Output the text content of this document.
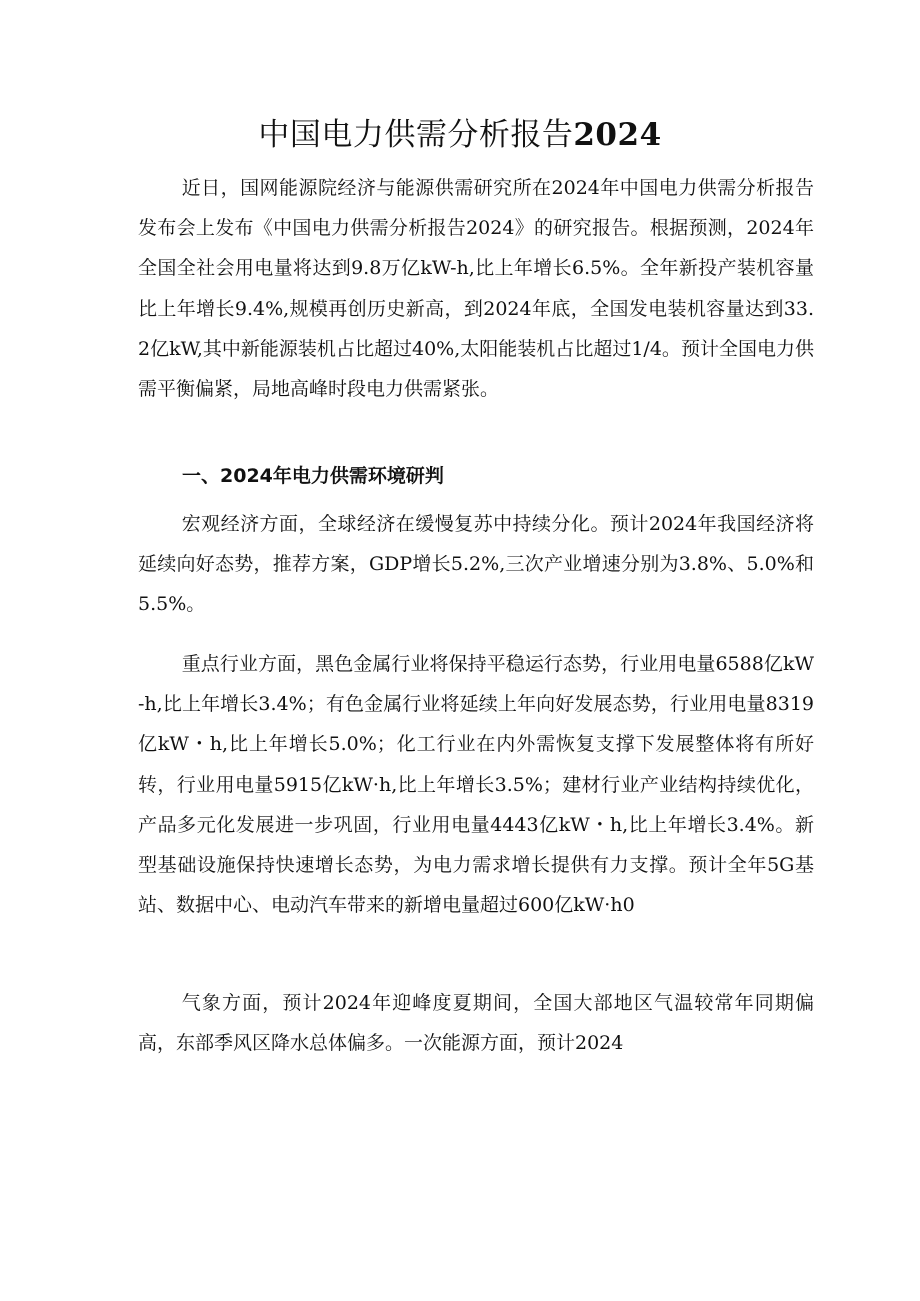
中国电力供需分析报告2024

近日，国网能源院经济与能源供需研究所在2024年中国电力供需分析报告发布会上发布《中国电力供需分析报告2024》的研究报告。根据预测，2024年全国全社会用电量将达到9.8万亿kW-h,比上年增长6.5%。全年新投产装机容量比上年增长9.4%,规模再创历史新高，到2024年底，全国发电装机容量达到33.2亿kW,其中新能源装机占比超过40%,太阳能装机占比超过1/4。预计全国电力供需平衡偏紧，局地高峰时段电力供需紧张。

一、2024年电力供需环境研判

宏观经济方面，全球经济在缓慢复苏中持续分化。预计2024年我国经济将延续向好态势，推荐方案，GDP增长5.2%,三次产业增速分别为3.8%、5.0%和5.5%。

重点行业方面，黑色金属行业将保持平稳运行态势，行业用电量6588亿kW-h,比上年增长3.4%；有色金属行业将延续上年向好发展态势，行业用电量8319亿kW・h,比上年增长5.0%；化工行业在内外需恢复支撑下发展整体将有所好转，行业用电量5915亿kW·h,比上年增长3.5%；建材行业产业结构持续优化，产品多元化发展进一步巩固，行业用电量4443亿kW・h,比上年增长3.4%。新型基础设施保持快速增长态势，为电力需求增长提供有力支撑。预计全年5G基站、数据中心、电动汽车带来的新增电量超过600亿kW·h0

气象方面，预计2024年迎峰度夏期间，全国大部地区气温较常年同期偏高，东部季风区降水总体偏多。一次能源方面，预计2024
